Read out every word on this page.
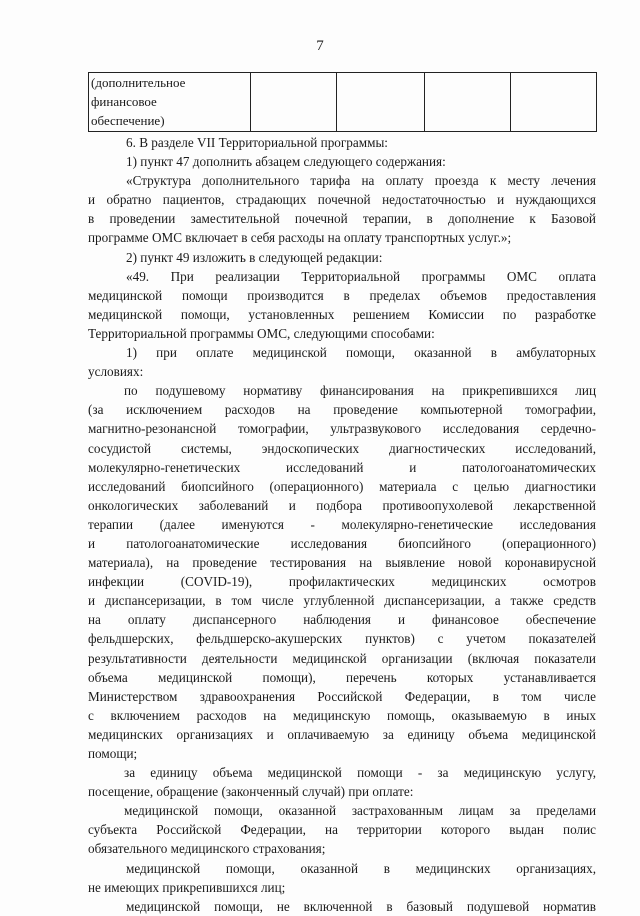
7
(дополнительное
финансовое
обеспечение)

6. В разделе VII Территориальной программы:

1) пункт 47 дополнить абзацем следующего содержания:

«Структура дополнительного тарифа на оплату проезда к месту лечения

и обратно пациентов, страдающих почечной недостаточностью и нуждающихся

в проведении заместительной почечной терапии, в дополнение к Базовой

программе ОМС включает в себя расходы на оплату транспортных услуг.»;

2) пункт 49 изложить в следующей редакции:

«49. При реализации Территориальной программы ОМС оплата

медицинской помощи производится в пределах объемов предоставления

медицинской помощи, установленных решением Комиссии по разработке

Территориальной программы ОМС, следующими способами:

1) при оплате медицинской помощи, оказанной в амбулаторных

условиях:

по подушевому нормативу финансирования на прикрепившихся лиц

(за исключением расходов на проведение компьютерной томографии,

магнитно-резонансной томографии, ультразвукового исследования сердечно-

сосудистой системы, эндоскопических диагностических исследований,

молекулярно-генетических исследований и патологоанатомических

исследований биопсийного (операционного) материала с целью диагностики

онкологических заболеваний и подбора противоопухолевой лекарственной

терапии (далее именуются - молекулярно-генетические исследования

и патологоанатомические исследования биопсийного (операционного)

материала), на проведение тестирования на выявление новой коронавирусной

инфекции (COVID-19), профилактических медицинских осмотров

и диспансеризации, в том числе углубленной диспансеризации, а также средств

на оплату диспансерного наблюдения и финансовое обеспечение

фельдшерских, фельдшерско-акушерских пунктов) с учетом показателей

результативности деятельности медицинской организации (включая показатели

объема медицинской помощи), перечень которых устанавливается

Министерством здравоохранения Российской Федерации, в том числе

с включением расходов на медицинскую помощь, оказываемую в иных

медицинских организациях и оплачиваемую за единицу объема медицинской

помощи;

за единицу объема медицинской помощи - за медицинскую услугу,

посещение, обращение (законченный случай) при оплате:

медицинской помощи, оказанной застрахованным лицам за пределами

субъекта Российской Федерации, на территории которого выдан полис

обязательного медицинского страхования;

медицинской помощи, оказанной в медицинских организациях,

не имеющих прикрепившихся лиц;

медицинской помощи, не включенной в базовый подушевой норматив
